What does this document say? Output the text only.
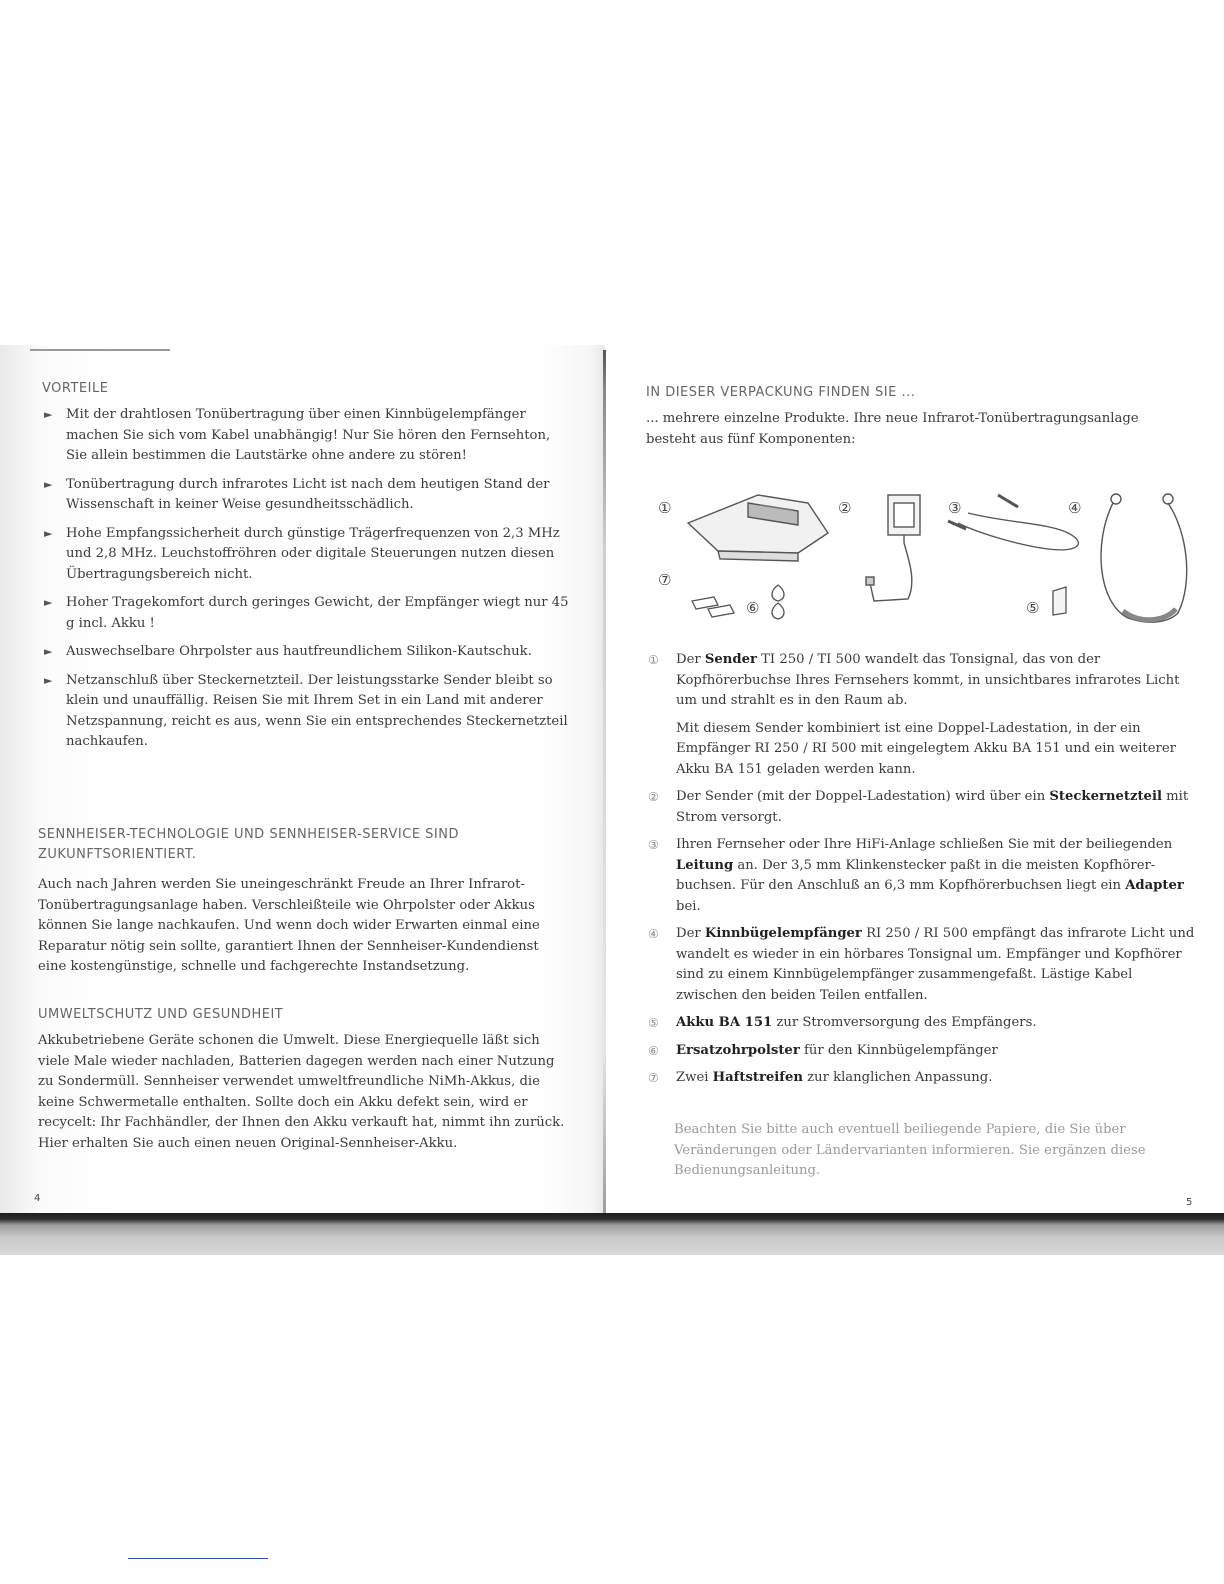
VORTEILE
► Mit der drahtlosen Tonübertragung über einen Kinnbügelempfänger machen Sie sich vom Kabel unabhängig! Nur Sie hören den Fernsehton, Sie allein bestimmen die Lautstärke ohne andere zu stören!
► Tonübertragung durch infrarotes Licht ist nach dem heutigen Stand der Wissenschaft in keiner Weise gesundheitsschädlich.
► Hohe Empfangssicherheit durch günstige Trägerfrequenzen von 2,3 MHz und 2,8 MHz. Leuchstoffröhren oder digitale Steuerungen nutzen diesen Übertragungsbereich nicht.
► Hoher Tragekomfort durch geringes Gewicht, der Empfänger wiegt nur 45 g incl. Akku !
► Auswechselbare Ohrpolster aus hautfreundlichem Silikon-Kautschuk.
► Netzanschluß über Steckernetzteil. Der leistungsstarke Sender bleibt so klein und unauffällig. Reisen Sie mit Ihrem Set in ein Land mit anderer Netzspannung, reicht es aus, wenn Sie ein entsprechendes Steckernetzteil nachkaufen.
SENNHEISER-TECHNOLOGIE UND SENNHEISER-SERVICE SIND ZUKUNFTSORIENTIERT.
Auch nach Jahren werden Sie uneingeschränkt Freude an Ihrer Infrarot-Tonübertragungsanlage haben. Verschleißteile wie Ohrpolster oder Akkus können Sie lange nachkaufen. Und wenn doch wider Erwarten einmal eine Reparatur nötig sein sollte, garantiert Ihnen der Sennheiser-Kundendienst eine kostengünstige, schnelle und fachgerechte Instandsetzung.
UMWELTSCHUTZ UND GESUNDHEIT
Akkubetriebene Geräte schonen die Umwelt. Diese Energiequelle läßt sich viele Male wieder nachladen, Batterien dagegen werden nach einer Nutzung zu Sondermüll. Sennheiser verwendet umweltfreundliche NiMh-Akkus, die keine Schwermetalle enthalten. Sollte doch ein Akku defekt sein, wird er recycelt: Ihr Fachhändler, der Ihnen den Akku verkauft hat, nimmt ihn zurück. Hier erhalten Sie auch einen neuen Original-Sennheiser-Akku.
4
IN DIESER VERPACKUNG FINDEN SIE ...
... mehrere einzelne Produkte. Ihre neue Infrarot-Tonübertragungsanlage besteht aus fünf Komponenten:
①	②	③	④
⑤
⑥
⑦
① Der Sender TI 250 / TI 500 wandelt das Tonsignal, das von der Kopfhörerbuchse Ihres Fernsehers kommt, in unsichtbares infrarotes Licht um und strahlt es in den Raum ab.

Mit diesem Sender kombiniert ist eine Doppel-Ladestation, in der ein Empfänger RI 250 / RI 500 mit eingelegtem Akku BA 151 und ein weiterer Akku BA 151 geladen werden kann.

② Der Sender (mit der Doppel-Ladestation) wird über ein Steckernetzteil mit Strom versorgt.

③ Ihren Fernseher oder Ihre HiFi-Anlage schließen Sie mit der beiliegenden Leitung an. Der 3,5 mm Klinkenstecker paßt in die meisten Kopfhörer-buchsen. Für den Anschluß an 6,3 mm Kopfhörerbuchsen liegt ein Adapter bei.

④ Der Kinnbügelempfänger RI 250 / RI 500 empfängt das infrarote Licht und wandelt es wieder in ein hörbares Tonsignal um. Empfänger und Kopfhörer sind zu einem Kinnbügelempfänger zusammengefaßt. Lästige Kabel zwischen den beiden Teilen entfallen.

⑤ Akku BA 151 zur Stromversorgung des Empfängers.

⑥ Ersatzohrpolster für den Kinnbügelempfänger

⑦ Zwei Haftstreifen zur klanglichen Anpassung.

Beachten Sie bitte auch eventuell beiliegende Papiere, die Sie über Veränderungen oder Ländervarianten informieren. Sie ergänzen diese Bedienungsanleitung.
5
